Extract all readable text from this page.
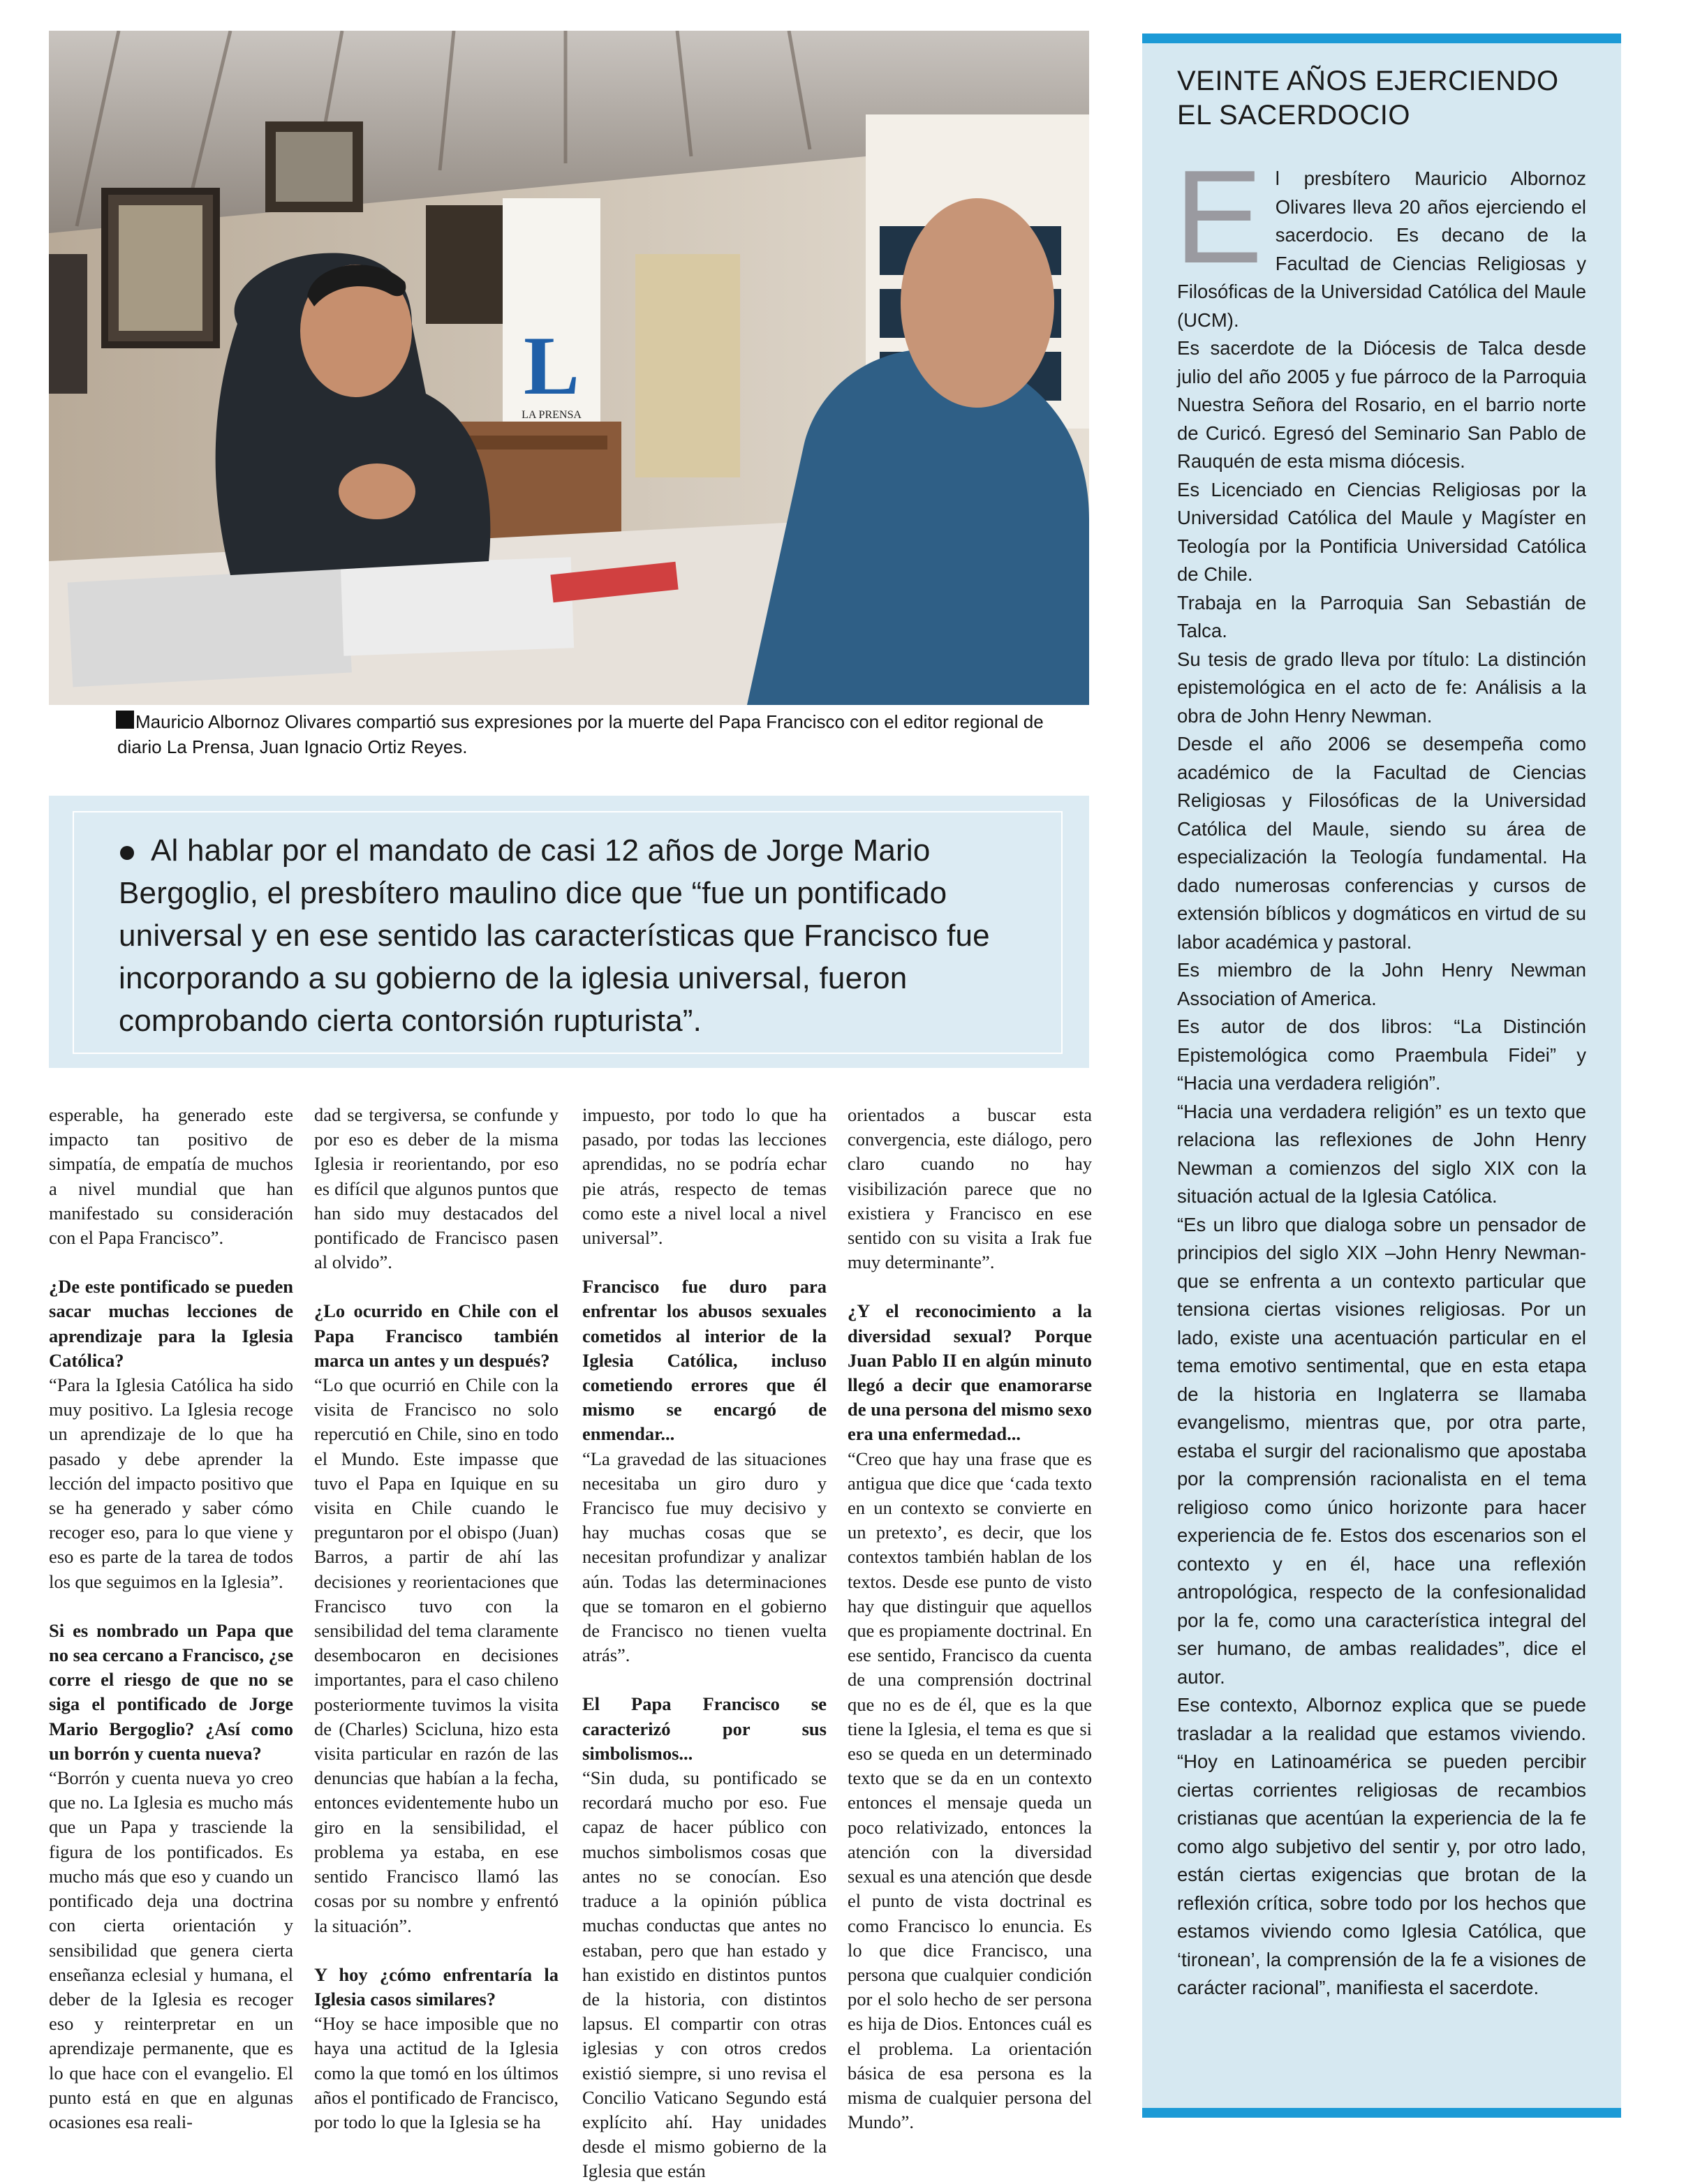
L
LA PRENSA
Mauricio Albornoz Olivares compartió sus expresiones por la muerte del Papa Francisco con el editor regional de diario La Prensa, Juan Ignacio Ortiz Reyes.
Al hablar por el mandato de casi 12 años de Jorge Mario Bergoglio, el presbítero maulino dice que “fue un pontificado universal y en ese sentido las características que Francisco fue incorporando a su gobierno de la iglesia universal, fueron comprobando cierta contorsión rupturista”.

esperable, ha generado este impacto tan positivo de simpatía, de empatía de muchos a nivel mundial que han manifestado su consideración con el Papa Francisco”.

¿De este pontificado se pueden sacar muchas lecciones de aprendizaje para la Iglesia Católica?

“Para la Iglesia Católica ha sido muy positivo. La Iglesia recoge un aprendizaje de lo que ha pasado y debe aprender la lección del impacto positivo que se ha generado y saber cómo recoger eso, para lo que viene y eso es parte de la tarea de todos los que seguimos en la Iglesia”.

Si es nombrado un Papa que no sea cercano a Francisco, ¿se corre el riesgo de que no se siga el pontificado de Jorge Mario Bergoglio? ¿Así como un borrón y cuenta nueva?

“Borrón y cuenta nueva yo creo que no. La Iglesia es mucho más que un Papa y trasciende la figura de los pontificados. Es mucho más que eso y cuando un pontificado deja una doctrina con cierta orientación y sensibilidad que genera cierta enseñanza eclesial y humana, el deber de la Iglesia es recoger eso y reinterpretar en un aprendizaje permanente, que es lo que hace con el evangelio. El punto está en que en algunas ocasiones esa reali-

dad se tergiversa, se confunde y por eso es deber de la misma Iglesia ir reorientando, por eso es difícil que algunos puntos que han sido muy destacados del pontificado de Francisco pasen al olvido”.

¿Lo ocurrido en Chile con el Papa Francisco también marca un antes y un después?

“Lo que ocurrió en Chile con la visita de Francisco no solo repercutió en Chile, sino en todo el Mundo. Este impasse que tuvo el Papa en Iquique en su visita en Chile cuando le preguntaron por el obispo (Juan) Barros, a partir de ahí las decisiones y reorientaciones que Francisco tuvo con la sensibilidad del tema claramente desembocaron en decisiones importantes, para el caso chileno posteriormente tuvimos la visita de (Charles) Scicluna, hizo esta visita particular en razón de las denuncias que habían a la fecha, entonces evidentemente hubo un giro en la sensibilidad, el problema ya estaba, en ese sentido Francisco llamó las cosas por su nombre y enfrentó la situación”.

Y hoy ¿cómo enfrentaría la Iglesia casos similares?

“Hoy se hace imposible que no haya una actitud de la Iglesia como la que tomó en los últimos años el pontificado de Francisco, por todo lo que la Iglesia se ha

impuesto, por todo lo que ha pasado, por todas las lecciones aprendidas, no se podría echar pie atrás, respecto de temas como este a nivel local a nivel universal”.

Francisco fue duro para enfrentar los abusos sexuales cometidos al interior de la Iglesia Católica, incluso cometiendo errores que él mismo se encargó de enmendar...

“La gravedad de las situaciones necesitaba un giro duro y Francisco fue muy decisivo y hay muchas cosas que se necesitan profundizar y analizar aún. Todas las determinaciones que se tomaron en el gobierno de Francisco no tienen vuelta atrás”.

El Papa Francisco se caracterizó por sus simbolismos...

“Sin duda, su pontificado se recordará mucho por eso. Fue capaz de hacer público con muchos simbolismos cosas que antes no se conocían. Eso traduce a la opinión pública muchas conductas que antes no estaban, pero que han estado y han existido en distintos puntos de la historia, con distintos lapsus. El compartir con otras iglesias y con otros credos existió siempre, si uno revisa el Concilio Vaticano Segundo está explícito ahí. Hay unidades desde el mismo gobierno de la Iglesia que están

orientados a buscar esta convergencia, este diálogo, pero claro cuando no hay visibilización parece que no existiera y Francisco en ese sentido con su visita a Irak fue muy determinante”.

¿Y el reconocimiento a la diversidad sexual? Porque Juan Pablo II en algún minuto llegó a decir que enamorarse de una persona del mismo sexo era una enfermedad...

“Creo que hay una frase que es antigua que dice que ‘cada texto en un contexto se convierte en un pretexto’, es decir, que los contextos también hablan de los textos. Desde ese punto de visto hay que distinguir que aquellos que es propiamente doctrinal. En ese sentido, Francisco da cuenta de una comprensión doctrinal que no es de él, que es la que tiene la Iglesia, el tema es que si eso se queda en un determinado texto que se da en un contexto entonces el mensaje queda un poco relativizado, entonces la atención con la diversidad sexual es una atención que desde el punto de vista doctrinal es como Francisco lo enuncia. Es lo que dice Francisco, una persona que cualquier condición por el solo hecho de ser persona es hija de Dios. Entonces cuál es el problema. La orientación básica de esa persona es la misma de cualquier persona del Mundo”.

VEINTE AÑOS EJERCIENDO EL SACERDOCIO
E l presbítero Mauricio Albornoz Olivares lleva 20 años ejerciendo el sacerdocio. Es decano de la Facultad de Ciencias Religiosas y Filosóficas de la Universidad Católica del Maule (UCM).

Es sacerdote de la Diócesis de Talca desde julio del año 2005 y fue párroco de la Parroquia Nuestra Señora del Rosario, en el barrio norte de Curicó. Egresó del Seminario San Pablo de Rauquén de esta misma diócesis.

Es Licenciado en Ciencias Religiosas por la Universidad Católica del Maule y Magíster en Teología por la Pontificia Universidad Católica de Chile.

Trabaja en la Parroquia San Sebastián de Talca.

Su tesis de grado lleva por título: La distinción epistemológica en el acto de fe: Análisis a la obra de John Henry Newman.

Desde el año 2006 se desempeña como académico de la Facultad de Ciencias Religiosas y Filosóficas de la Universidad Católica del Maule, siendo su área de especialización la Teología fundamental. Ha dado numerosas conferencias y cursos de extensión bíblicos y dogmáticos en virtud de su labor académica y pastoral.

Es miembro de la John Henry Newman Association of America.

Es autor de dos libros: “La Distinción Epistemológica como Praembula Fidei” y “Hacia una verdadera religión”.

“Hacia una verdadera religión” es un texto que relaciona las reflexiones de John Henry Newman a comienzos del siglo XIX con la situación actual de la Iglesia Católica.

“Es un libro que dialoga sobre un pensador de principios del siglo XIX –John Henry Newman- que se enfrenta a un contexto particular que tensiona ciertas visiones religiosas. Por un lado, existe una acentuación particular en el tema emotivo sentimental, que en esta etapa de la historia en Inglaterra se llamaba evangelismo, mientras que, por otra parte, estaba el surgir del racionalismo que apostaba por la comprensión racionalista en el tema religioso como único horizonte para hacer experiencia de fe. Estos dos escenarios son el contexto y en él, hace una reflexión antropológica, respecto de la confesionalidad por la fe, como una característica integral del ser humano, de ambas realidades”, dice el autor.

Ese contexto, Albornoz explica que se puede trasladar a la realidad que estamos viviendo. “Hoy en Latinoamérica se pueden percibir ciertas corrientes religiosas de recambios cristianas que acentúan la experiencia de la fe como algo subjetivo del sentir y, por otro lado, están ciertas exigencias que brotan de la reflexión crítica, sobre todo por los hechos que estamos viviendo como Iglesia Católica, que ‘tironean’, la comprensión de la fe a visiones de carácter racional”, manifiesta el sacerdote.
